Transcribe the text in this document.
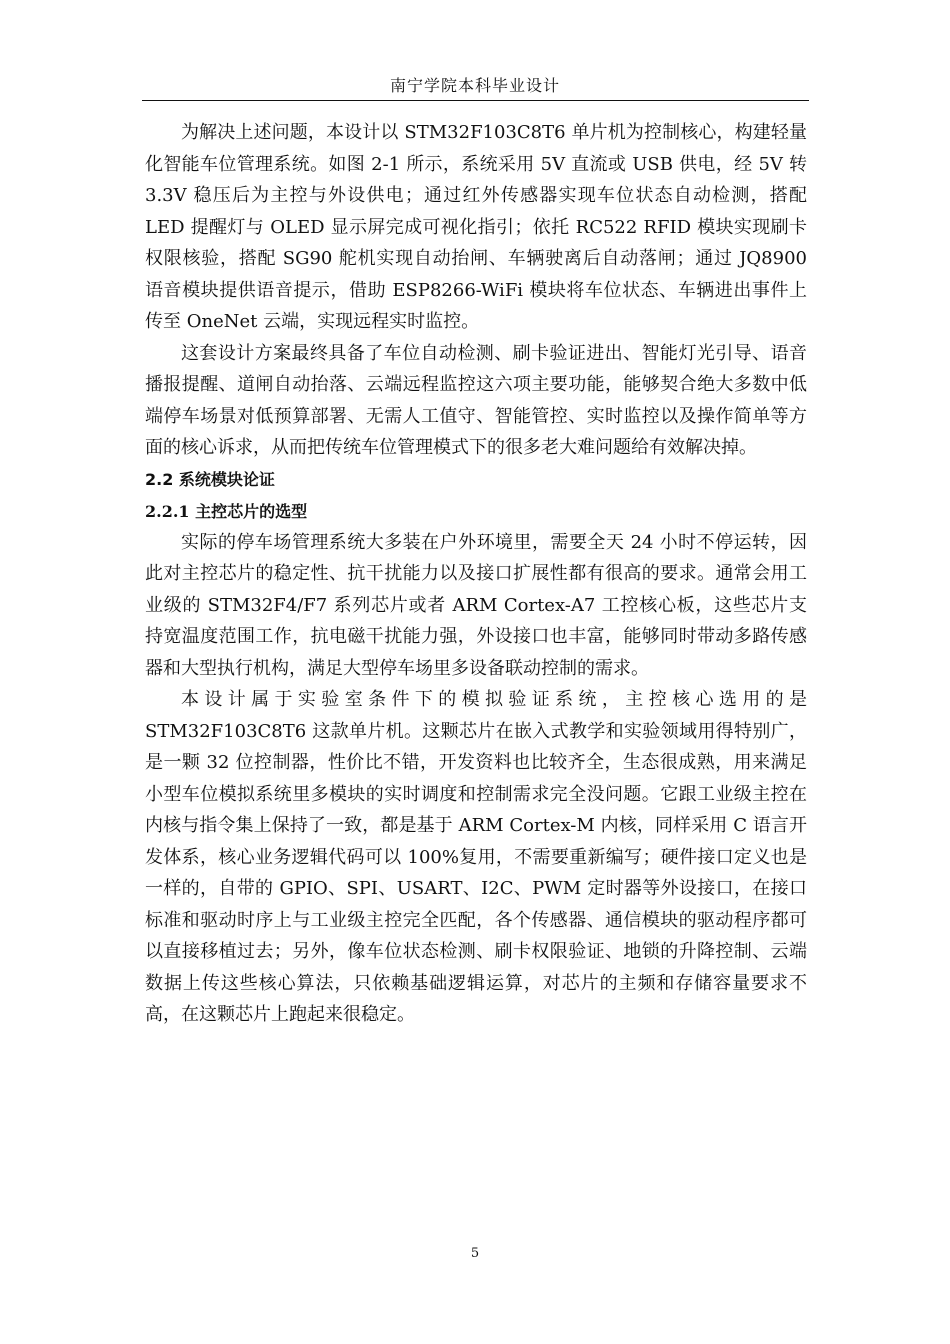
南宁学院本科毕业设计

为解决上述问题，本设计以 STM32F103C8T6 单片机为控制核心，构建轻量化智能车位管理系统。如图 2-1 所示，系统采用 5V 直流或 USB 供电，经 5V 转 3.3V 稳压后为主控与外设供电；通过红外传感器实现车位状态自动检测，搭配 LED 提醒灯与 OLED 显示屏完成可视化指引；依托 RC522 RFID 模块实现刷卡权限核验，搭配 SG90 舵机实现自动抬闸、车辆驶离后自动落闸；通过 JQ8900 语音模块提供语音提示，借助 ESP8266-WiFi 模块将车位状态、车辆进出事件上传至 OneNet 云端，实现远程实时监控。

这套设计方案最终具备了车位自动检测、刷卡验证进出、智能灯光引导、语音播报提醒、道闸自动抬落、云端远程监控这六项主要功能，能够契合绝大多数中低端停车场景对低预算部署、无需人工值守、智能管控、实时监控以及操作简单等方面的核心诉求，从而把传统车位管理模式下的很多老大难问题给有效解决掉。

2.2 系统模块论证
2.2.1 主控芯片的选型

实际的停车场管理系统大多装在户外环境里，需要全天 24 小时不停运转，因此对主控芯片的稳定性、抗干扰能力以及接口扩展性都有很高的要求。通常会用工业级的 STM32F4/F7 系列芯片或者 ARM Cortex-A7 工控核心板，这些芯片支持宽温度范围工作，抗电磁干扰能力强，外设接口也丰富，能够同时带动多路传感器和大型执行机构，满足大型停车场里多设备联动控制的需求。

本设计属于实验室条件下的模拟验证系统，主控核心选用的是 STM32F103C8T6 这款单片机。这颗芯片在嵌入式教学和实验领域用得特别广，是一颗 32 位控制器，性价比不错，开发资料也比较齐全，生态很成熟，用来满足小型车位模拟系统里多模块的实时调度和控制需求完全没问题。它跟工业级主控在内核与指令集上保持了一致，都是基于 ARM Cortex-M 内核，同样采用 C 语言开发体系，核心业务逻辑代码可以 100%复用，不需要重新编写；硬件接口定义也是一样的，自带的 GPIO、SPI、USART、I2C、PWM 定时器等外设接口，在接口标准和驱动时序上与工业级主控完全匹配，各个传感器、通信模块的驱动程序都可以直接移植过去；另外，像车位状态检测、刷卡权限验证、地锁的升降控制、云端数据上传这些核心算法，只依赖基础逻辑运算，对芯片的主频和存储容量要求不高，在这颗芯片上跑起来很稳定。

5
